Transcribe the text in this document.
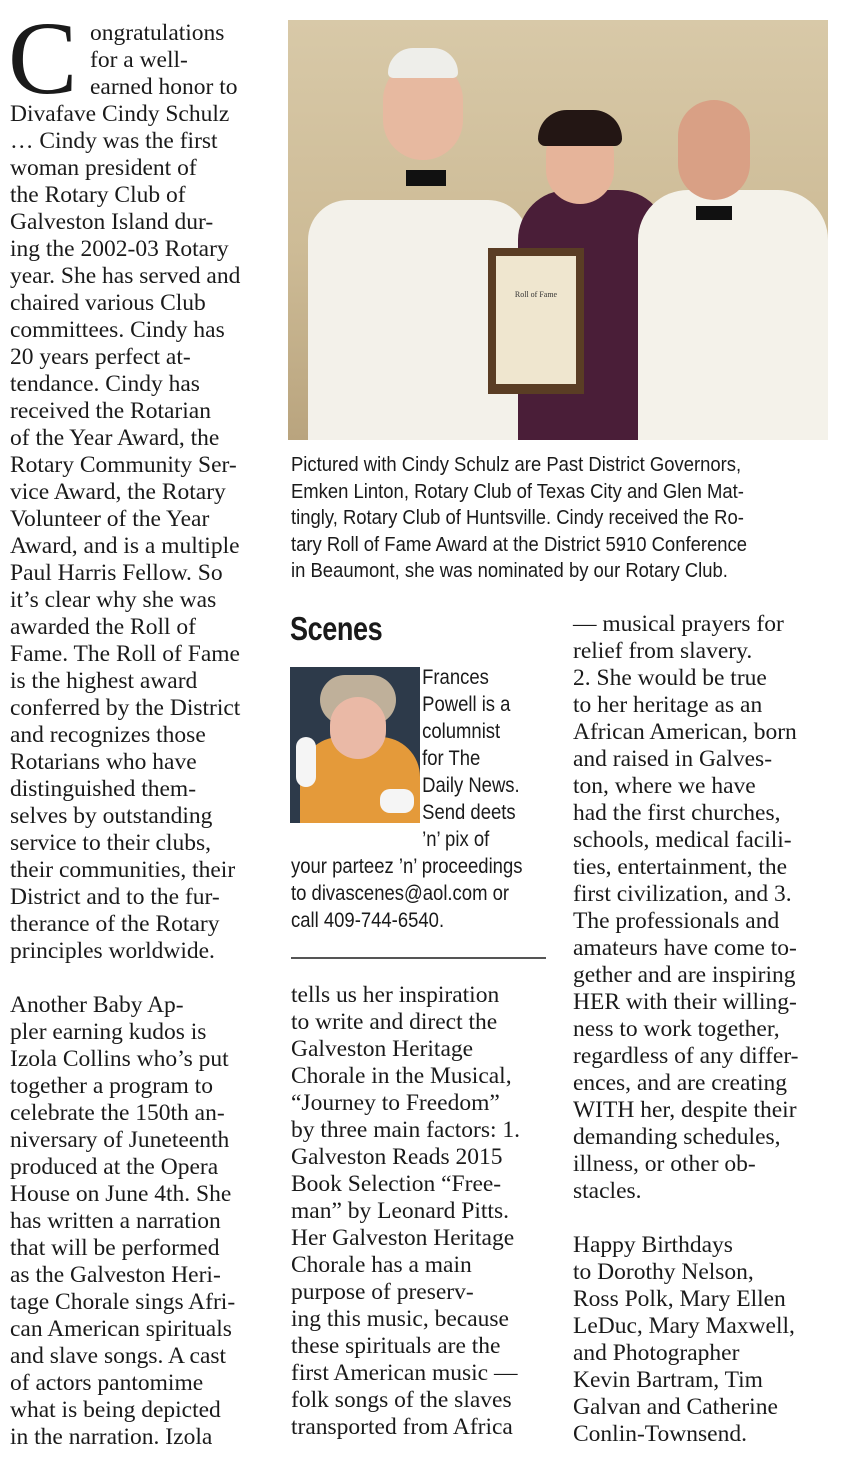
C ongratulations
for a well-
earned honor to
Divafave Cindy Schulz
… Cindy was the first
woman president of
the Rotary Club of
Galveston Island dur-
ing the 2002-03 Rotary
year. She has served and
chaired various Club
committees. Cindy has
20 years perfect at-
tendance. Cindy has
received the Rotarian
of the Year Award, the
Rotary Community Ser-
vice Award, the Rotary
Volunteer of the Year
Award, and is a multiple
Paul Harris Fellow. So
it’s clear why she was
awarded the Roll of
Fame. The Roll of Fame
is the highest award
conferred by the District
and recognizes those
Rotarians who have
distinguished them-
selves by outstanding
service to their clubs,
their communities, their
District and to the fur-
therance of the Rotary
principles worldwide.
Another Baby Ap-
pler earning kudos is
Izola Collins who’s put
together a program to
celebrate the 150th an-
niversary of Juneteenth
produced at the Opera
House on June 4th. She
has written a narration
that will be performed
as the Galveston Heri-
tage Chorale sings Afri-
can American spirituals
and slave songs. A cast
of actors pantomime
what is being depicted
in the narration. Izola
Roll of Fame
Pictured with Cindy Schulz are Past District Governors,
Emken Linton, Rotary Club of Texas City and Glen Mat-
tingly, Rotary Club of Huntsville. Cindy received the Ro-
tary Roll of Fame Award at the District 5910 Conference
in Beaumont, she was nominated by our Rotary Club.
Scenes
Frances
Powell is a
columnist
for The
Daily News.
Send deets
’n’ pix of
your parteez ’n’ proceedings
to divascenes@aol.com or
call 409-744-6540.
tells us her inspiration
to write and direct the
Galveston Heritage
Chorale in the Musical,
“Journey to Freedom”
by three main factors: 1.
Galveston Reads 2015
Book Selection “Free-
man” by Leonard Pitts.
Her Galveston Heritage
Chorale has a main
purpose of preserv-
ing this music, because
these spirituals are the
first American music —
folk songs of the slaves
transported from Africa
— musical prayers for
relief from slavery.
2. She would be true
to her heritage as an
African American, born
and raised in Galves-
ton, where we have
had the first churches,
schools, medical facili-
ties, entertainment, the
first civilization, and 3.
The professionals and
amateurs have come to-
gether and are inspiring
HER with their willing-
ness to work together,
regardless of any differ-
ences, and are creating
WITH her, despite their
demanding schedules,
illness, or other ob-
stacles.
Happy Birthdays
to Dorothy Nelson,
Ross Polk, Mary Ellen
LeDuc, Mary Maxwell,
and Photographer
Kevin Bartram, Tim
Galvan and Catherine
Conlin-Townsend.
